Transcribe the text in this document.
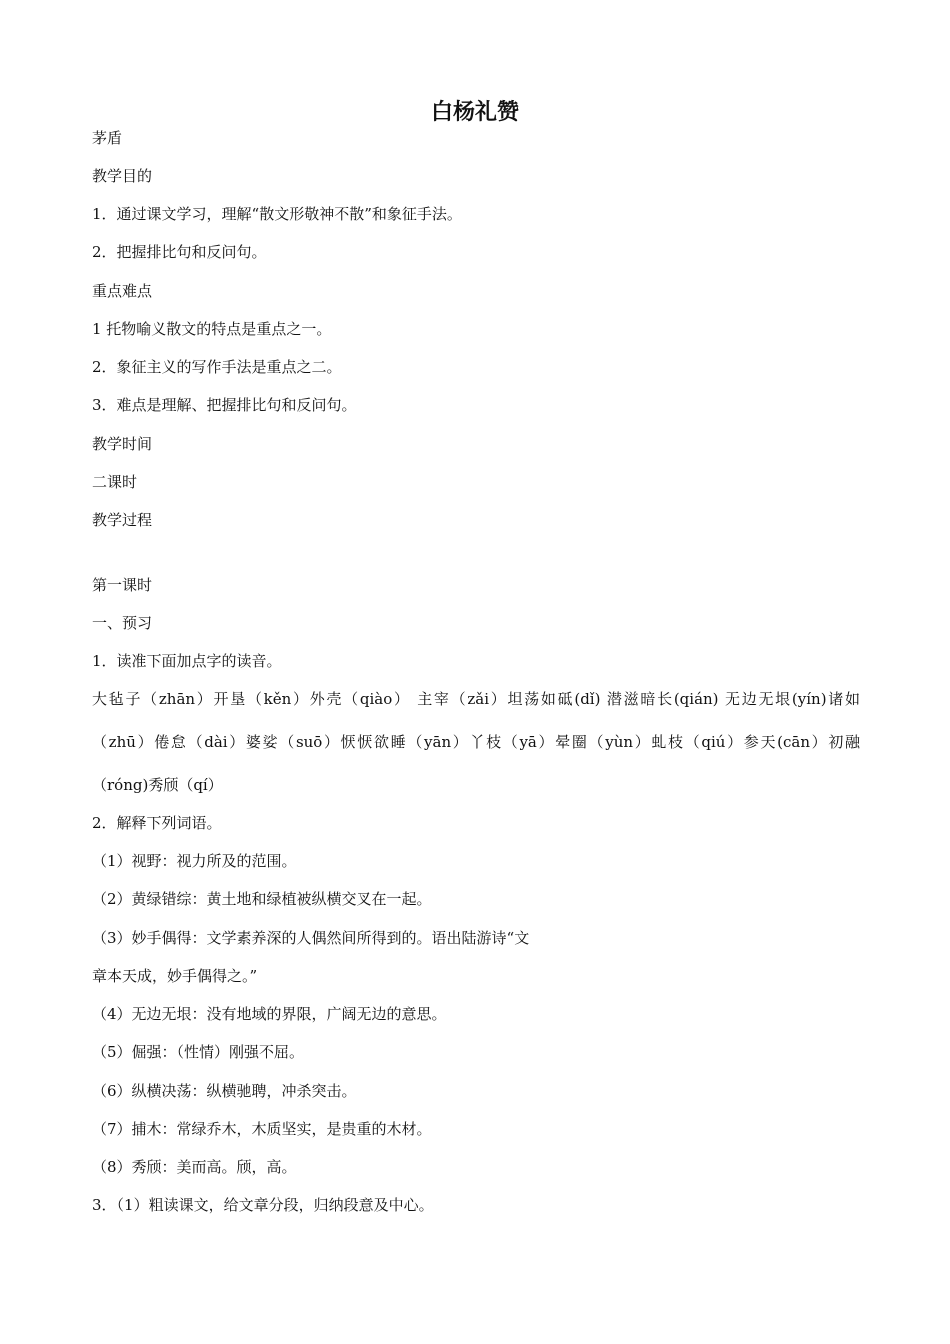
白杨礼赞

茅盾

教学目的

1．通过课文学习，理解“散文形敬神不散”和象征手法。

2．把握排比句和反问句。

重点难点

1 托物喻义散文的特点是重点之一。

2．象征主义的写作手法是重点之二。

3．难点是理解、把握排比句和反问句。

教学时间

二课时

教学过程

第一课时

一、预习

1．读准下面加点字的读音。

大毡子（zhān）开垦（kěn）外壳（qiào） 主宰（zǎi）坦荡如砥(dǐ) 潜滋暗长(qián) 无边无垠(yín)诸如

（zhū）倦怠（dài）婆娑（suō）恹恹欲睡（yān）丫枝（yā）晕圈（yùn）虬枝（qiú）参天(cān）初融

（róng)秀颀（qí）

2．解释下列词语。

（1）视野：视力所及的范围。

（2）黄绿错综：黄土地和绿植被纵横交叉在一起。

（3）妙手偶得：文学素养深的人偶然间所得到的。语出陆游诗“文

章本天成，妙手偶得之。”

（4）无边无垠：没有地域的界限，广阔无边的意思。

（5）倔强：（性情）刚强不屈。

（6）纵横决荡：纵横驰聘，冲杀突击。

（7）捕木：常绿乔木，木质坚实，是贵重的木材。

（8）秀颀：美而高。颀，高。

3．（1）粗读课文，给文章分段，归纳段意及中心。
